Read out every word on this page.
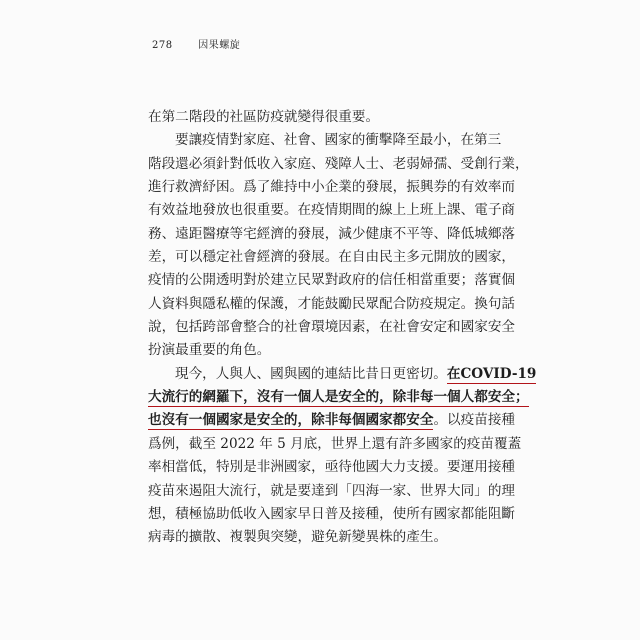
278	因果螺旋
在第二階段的社區防疫就變得很重要。
要讓疫情對家庭、社會、國家的衝擊降至最小，在第三
階段還必須針對低收入家庭、殘障人士、老弱婦孺、受創行業，
進行救濟紓困。爲了維持中小企業的發展，振興券的有效率而
有效益地發放也很重要。在疫情期間的線上上班上課、電子商
務、遠距醫療等宅經濟的發展，減少健康不平等、降低城鄉落
差，可以穩定社會經濟的發展。在自由民主多元開放的國家，
疫情的公開透明對於建立民眾對政府的信任相當重要；落實個
人資料與隱私權的保護，才能鼓勵民眾配合防疫規定。換句話
說，包括跨部會整合的社會環境因素，在社會安定和國家安全
扮演最重要的角色。
現今，人與人、國與國的連結比昔日更密切。在COVID-19
大流行的網羅下，沒有一個人是安全的，除非每一個人都安全；
也沒有一個國家是安全的，除非每個國家都安全。以疫苗接種
爲例，截至 2022 年 5 月底，世界上還有許多國家的疫苗覆蓋
率相當低，特別是非洲國家，亟待他國大力支援。要運用接種
疫苗來遏阻大流行，就是要達到「四海一家、世界大同」的理
想，積極協助低收入國家早日普及接種，使所有國家都能阻斷
病毒的擴散、複製與突變，避免新變異株的產生。
